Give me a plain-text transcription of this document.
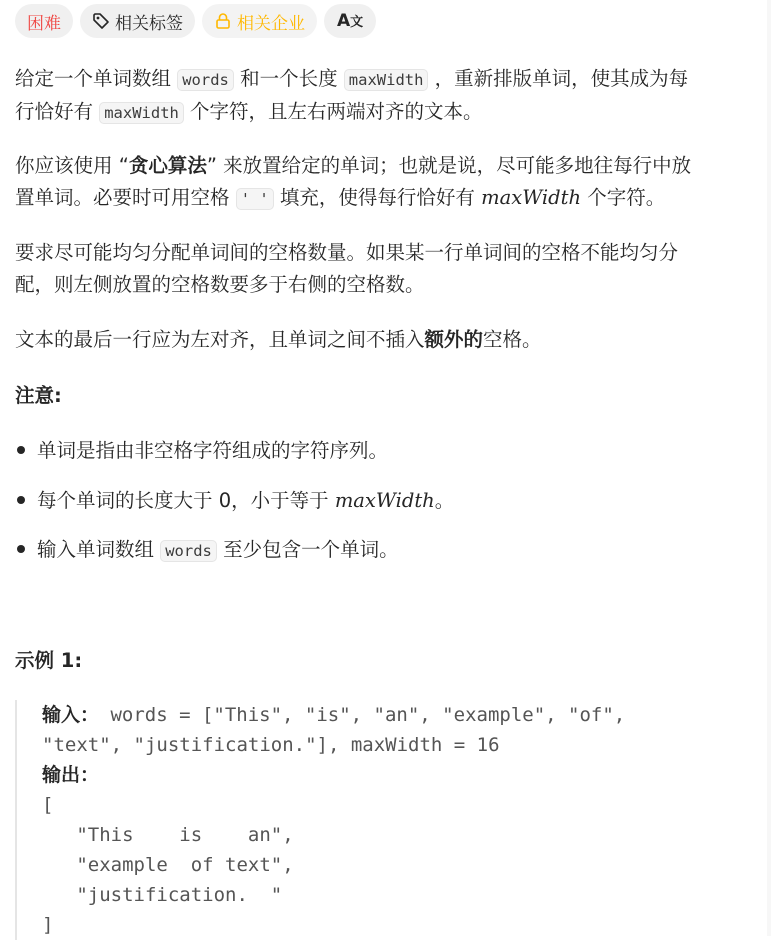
困难	相关标签	相关企业 A文

给定一个单词数组 words 和一个长度 maxWidth ，重新排版单词，使其成为每
行恰好有 maxWidth 个字符，且左右两端对齐的文本。

你应该使用 “贪心算法” 来放置给定的单词；也就是说，尽可能多地往每行中放
置单词。必要时可用空格 ' ' 填充，使得每行恰好有 maxWidth 个字符。

要求尽可能均匀分配单词间的空格数量。如果某一行单词间的空格不能均匀分
配，则左侧放置的空格数要多于右侧的空格数。

文本的最后一行应为左对齐，且单词之间不插入额外的空格。

注意:

单词是指由非空格字符组成的字符序列。
每个单词的长度大于 0，小于等于 maxWidth。
输入单词数组 words 至少包含一个单词。

示例 1:

输入： words = ["This", "is", "an", "example", "of",
"text", "justification."], maxWidth = 16
输出：
[
"This    is    an",
"example  of text",
"justification.  "
]
